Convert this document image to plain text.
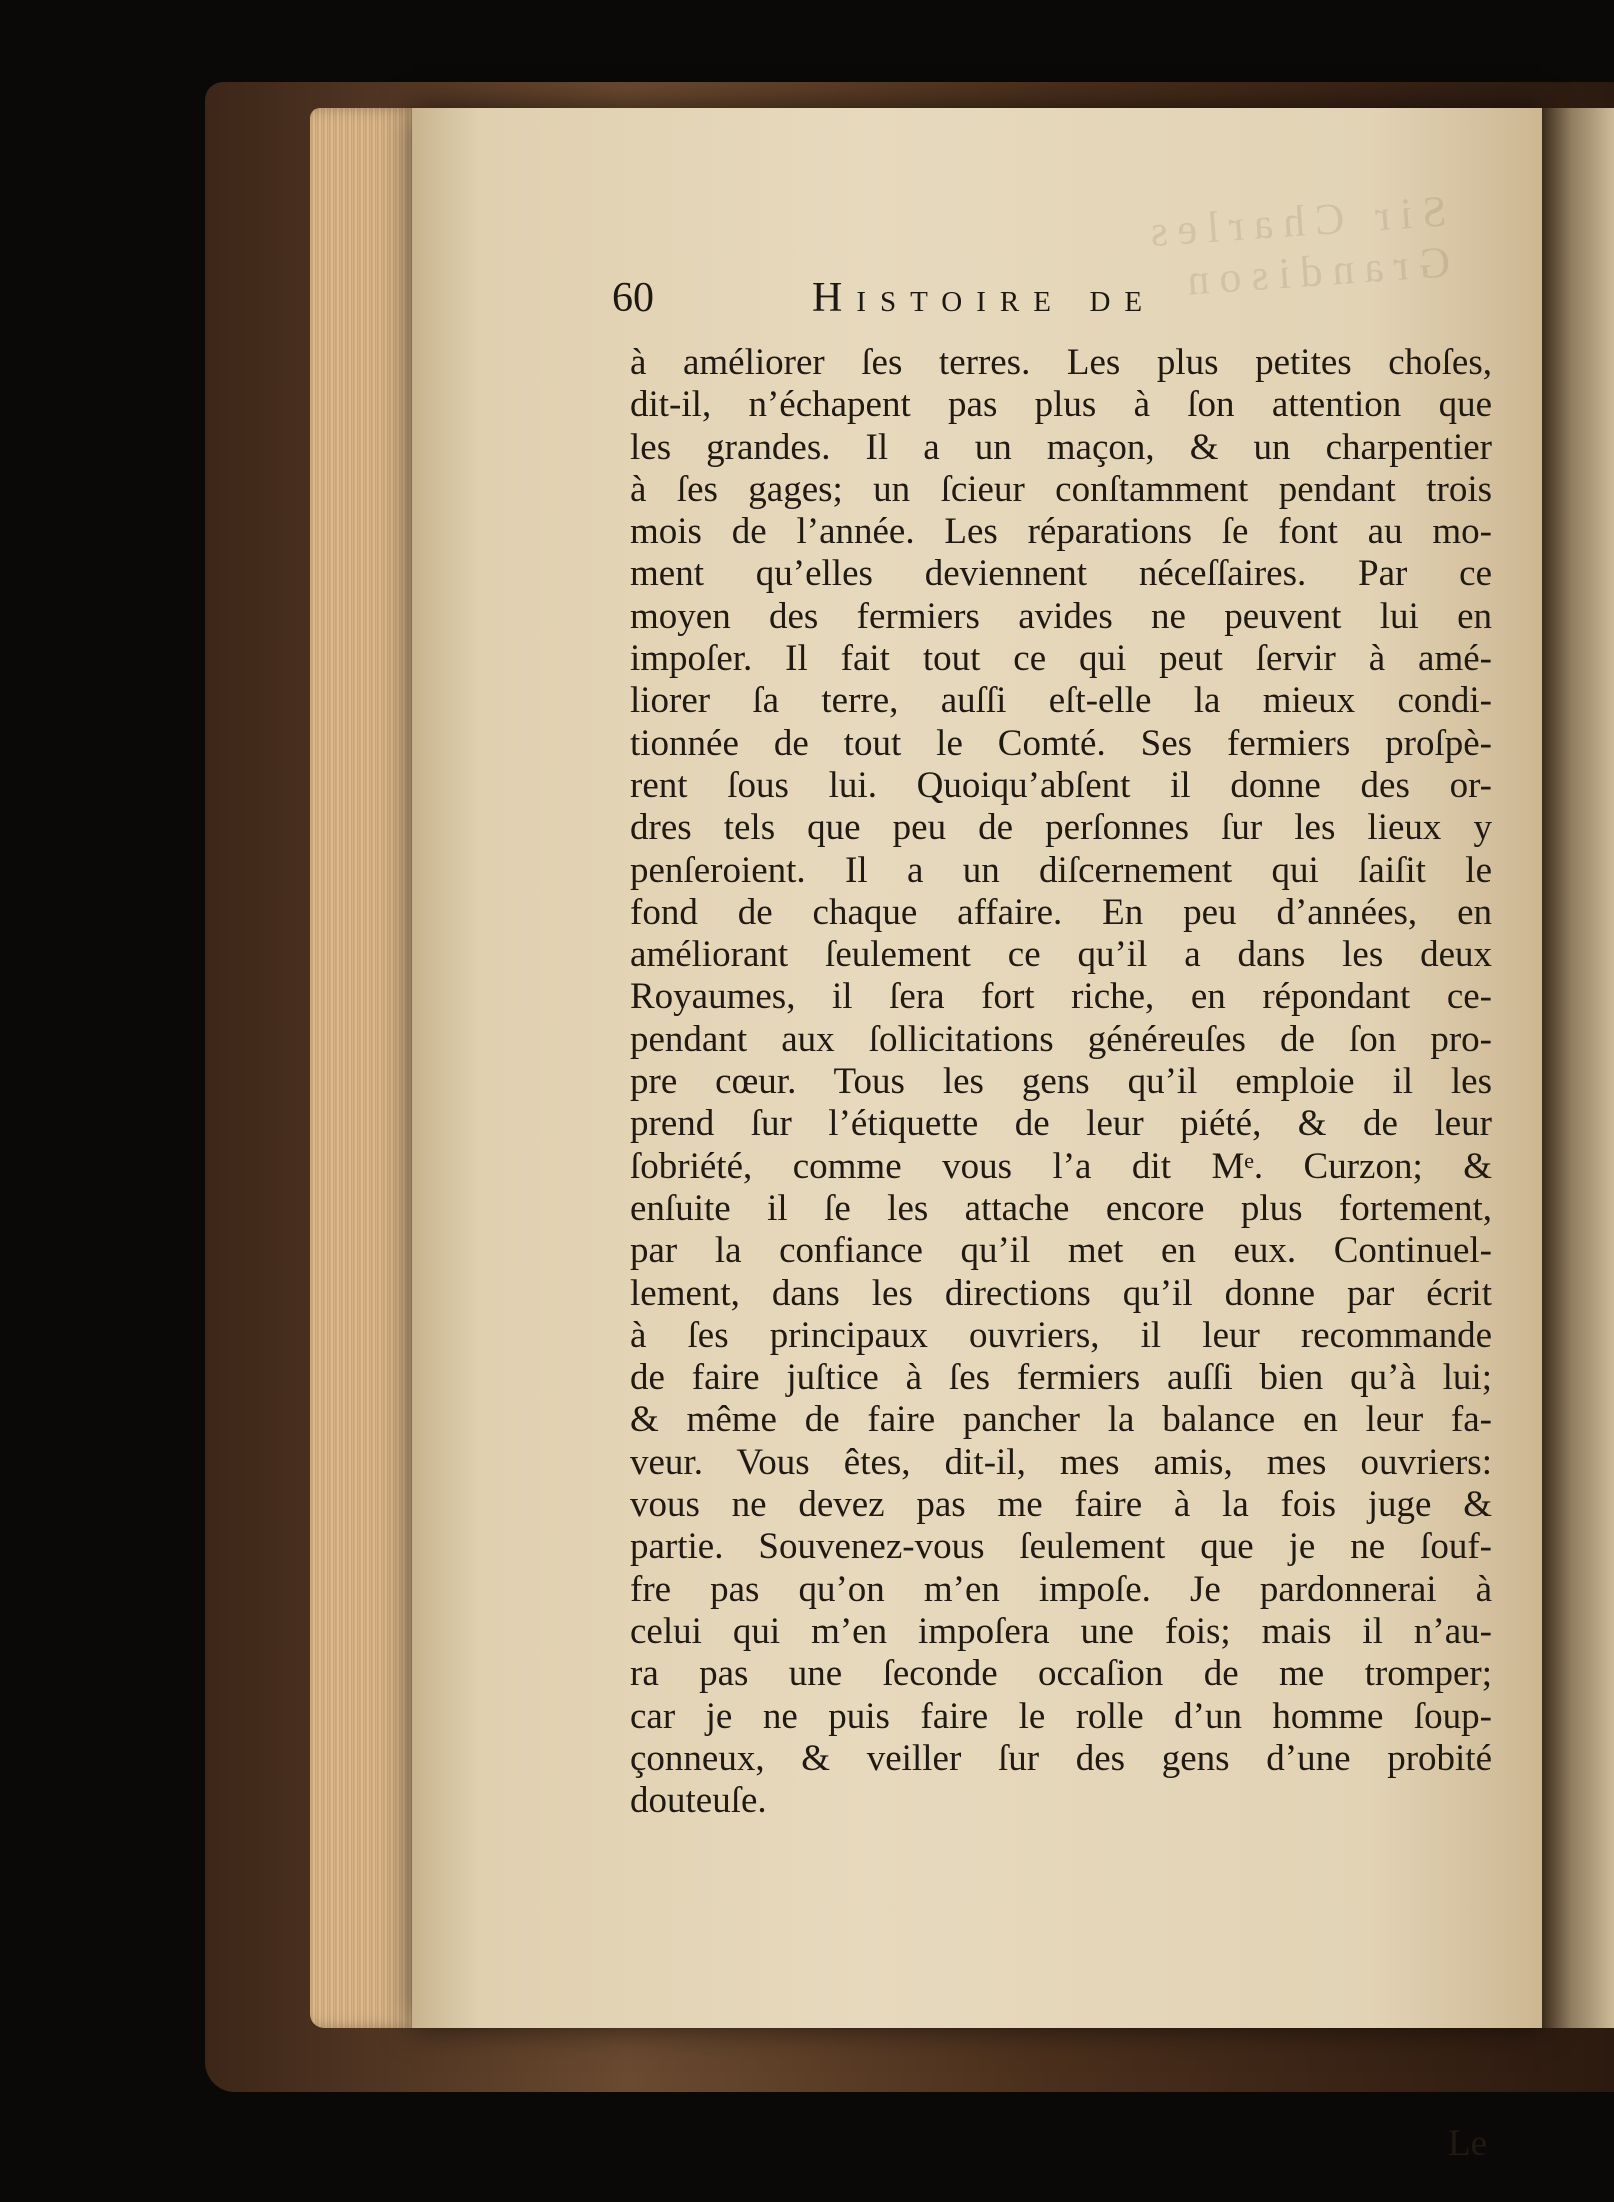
Sir Charles Grandison
60	Histoire de
à améliorer ſes terres. Les plus petites choſes,
dit-il, n’échapent pas plus à ſon attention que
les grandes. Il a un maçon, & un charpentier
à ſes gages; un ſcieur conſtamment pendant trois
mois de l’année. Les réparations ſe font au mo-
ment qu’elles deviennent néceſſaires. Par ce
moyen des fermiers avides ne peuvent lui en
impoſer. Il fait tout ce qui peut ſervir à amé-
liorer ſa terre, auſſi eſt-elle la mieux condi-
tionnée de tout le Comté. Ses fermiers proſpè-
rent ſous lui. Quoiqu’abſent il donne des or-
dres tels que peu de perſonnes ſur les lieux y
penſeroient. Il a un diſcernement qui ſaiſit le
fond de chaque affaire. En peu d’années, en
améliorant ſeulement ce qu’il a dans les deux
Royaumes, il ſera fort riche, en répondant ce-
pendant aux ſollicitations généreuſes de ſon pro-
pre cœur. Tous les gens qu’il emploie il les
prend ſur l’étiquette de leur piété, & de leur
ſobriété, comme vous l’a dit Mᵉ. Curzon; &
enſuite il ſe les attache encore plus fortement,
par la confiance qu’il met en eux. Continuel-
lement, dans les directions qu’il donne par écrit
à ſes principaux ouvriers, il leur recommande
de faire juſtice à ſes fermiers auſſi bien qu’à lui;
& même de faire pancher la balance en leur fa-
veur. Vous êtes, dit-il, mes amis, mes ouvriers:
vous ne devez pas me faire à la fois juge &
partie. Souvenez-vous ſeulement que je ne ſouf-
fre pas qu’on m’en impoſe. Je pardonnerai à
celui qui m’en impoſera une fois; mais il n’au-
ra pas une ſeconde occaſion de me tromper;
car je ne puis faire le rolle d’un homme ſoup-
çonneux, & veiller ſur des gens d’une probité
douteuſe.
Le
